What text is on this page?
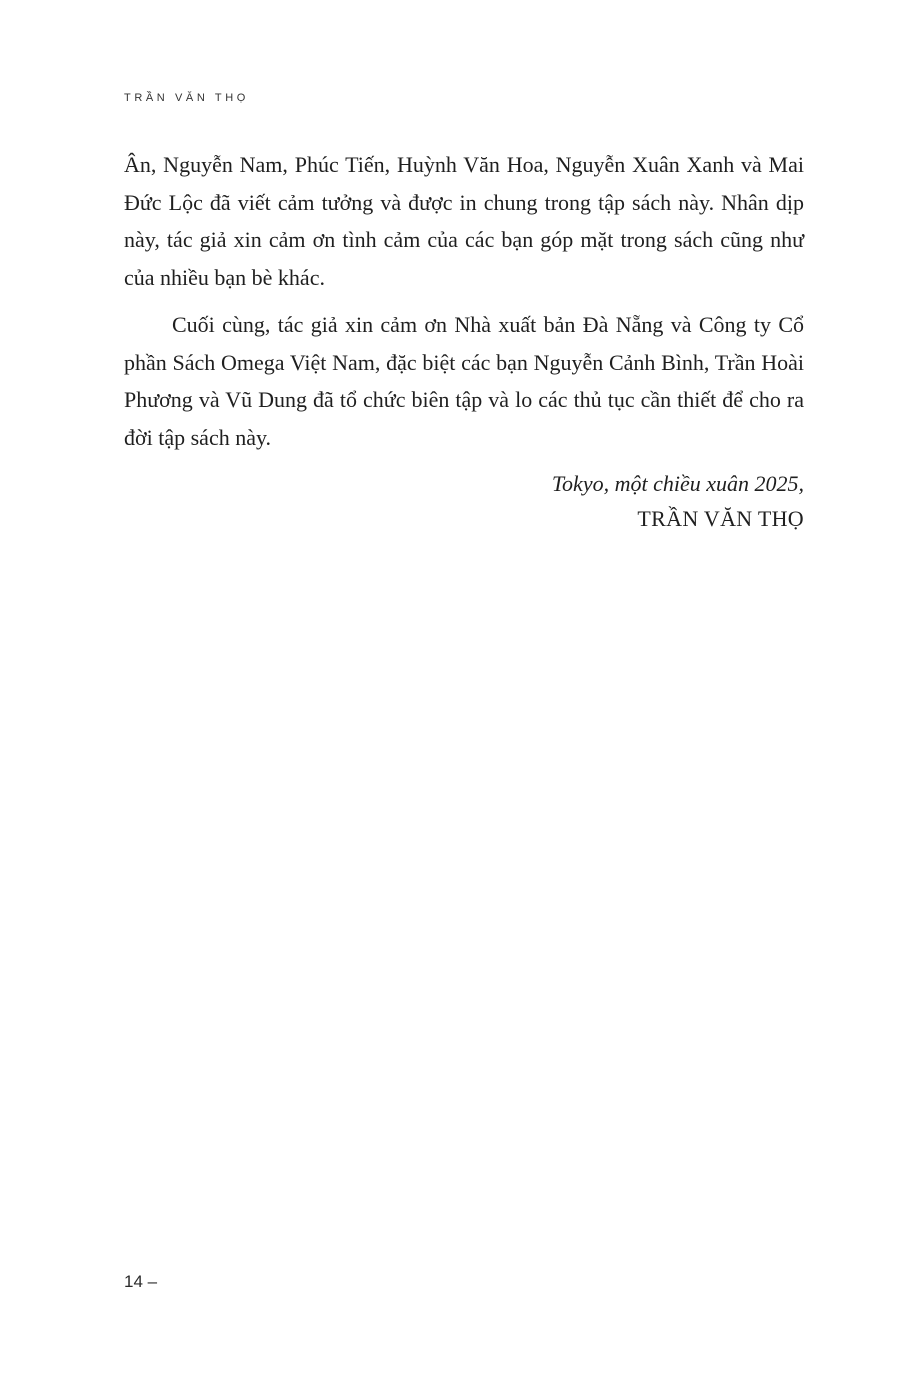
TRẦN VĂN THỌ

Ân, Nguyễn Nam, Phúc Tiến, Huỳnh Văn Hoa, Nguyễn Xuân Xanh và Mai Đức Lộc đã viết cảm tưởng và được in chung trong tập sách này. Nhân dịp này, tác giả xin cảm ơn tình cảm của các bạn góp mặt trong sách cũng như của nhiều bạn bè khác.

Cuối cùng, tác giả xin cảm ơn Nhà xuất bản Đà Nẵng và Công ty Cổ phần Sách Omega Việt Nam, đặc biệt các bạn Nguyễn Cảnh Bình, Trần Hoài Phương và Vũ Dung đã tổ chức biên tập và lo các thủ tục cần thiết để cho ra đời tập sách này.

Tokyo, một chiều xuân 2025,
TRẦN VĂN THỌ
14 –
